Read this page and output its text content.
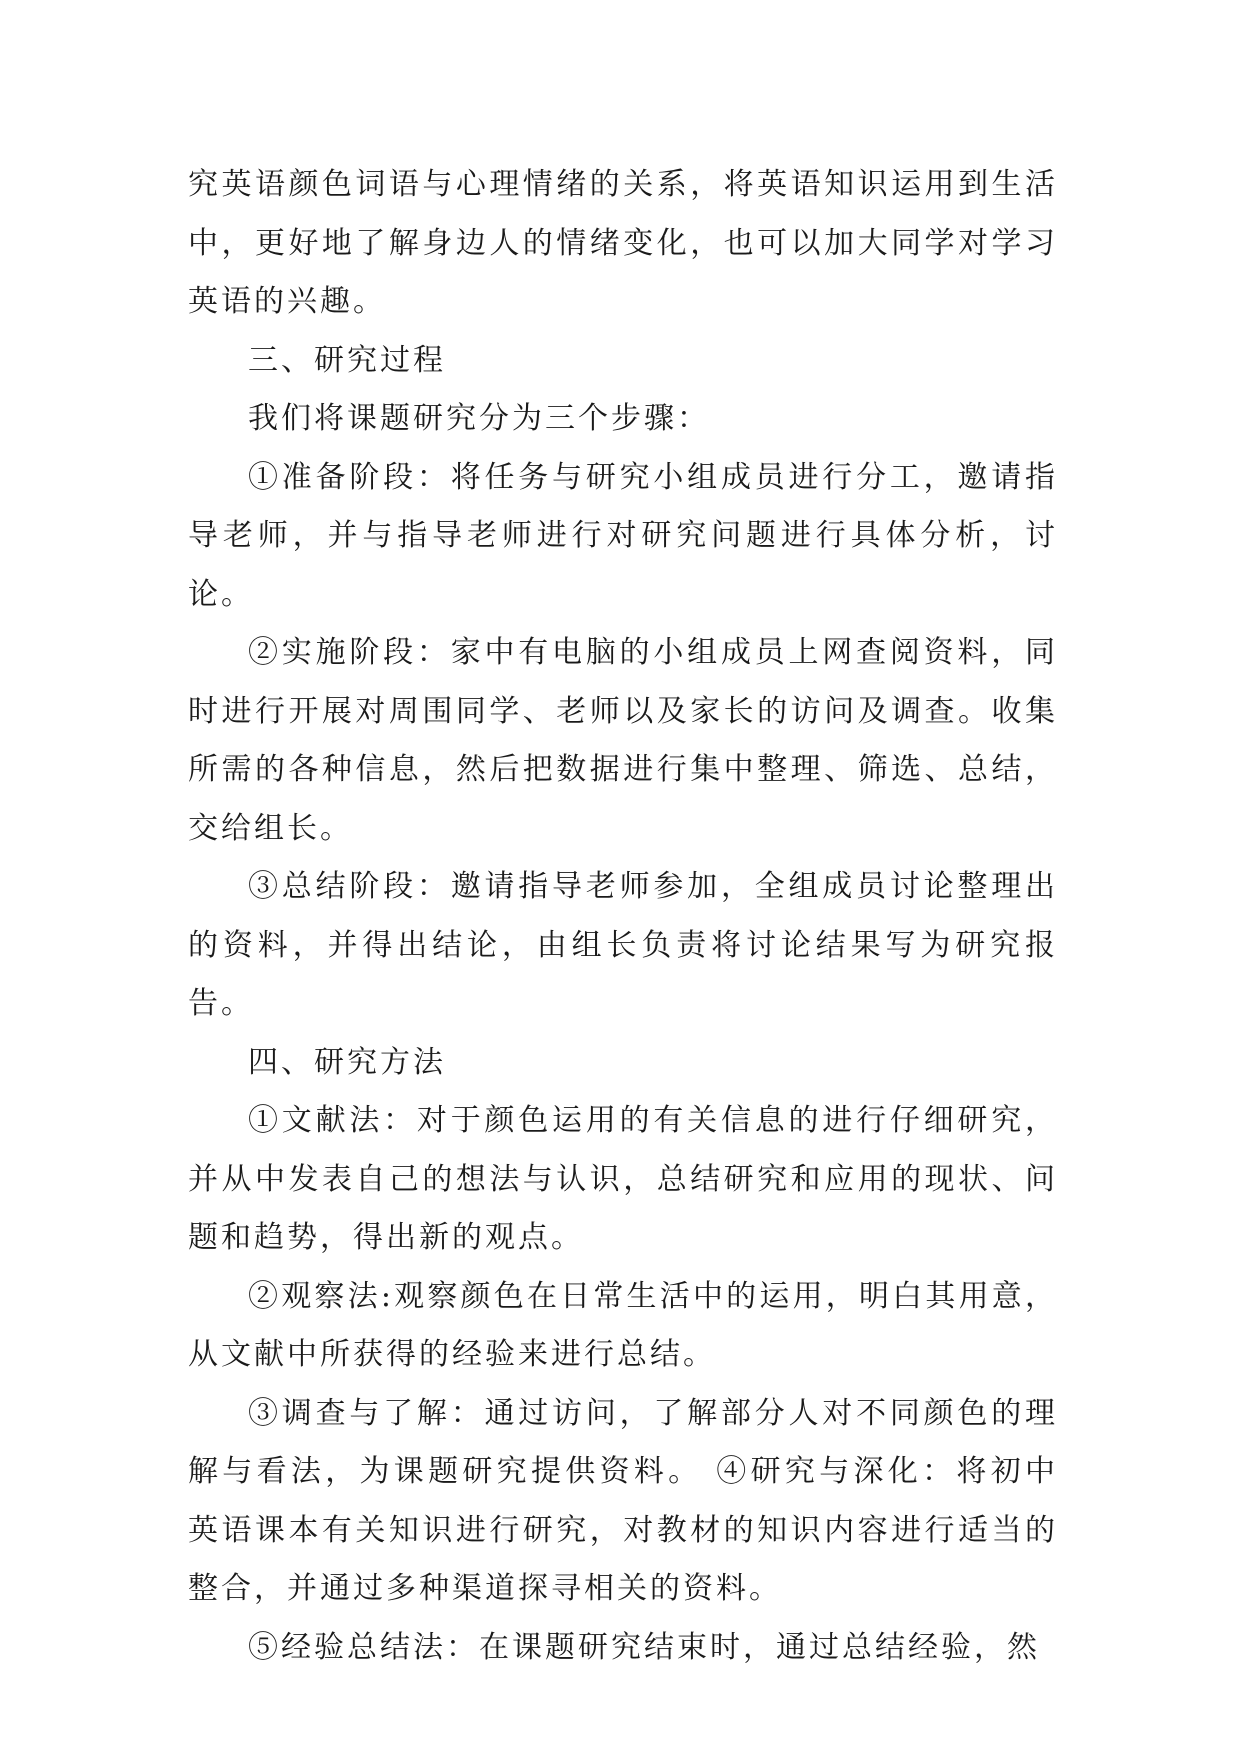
究英语颜色词语与心理情绪的关系，将英语知识运用到生活中，更好地了解身边人的情绪变化，也可以加大同学对学习英语的兴趣。

三、研究过程

我们将课题研究分为三个步骤：

①准备阶段：将任务与研究小组成员进行分工，邀请指导老师，并与指导老师进行对研究问题进行具体分析，讨论。

②实施阶段：家中有电脑的小组成员上网查阅资料，同时进行开展对周围同学、老师以及家长的访问及调查。收集所需的各种信息，然后把数据进行集中整理、筛选、总结，交给组长。

③总结阶段：邀请指导老师参加，全组成员讨论整理出的资料，并得出结论，由组长负责将讨论结果写为研究报告。

四、研究方法

①文献法：对于颜色运用的有关信息的进行仔细研究，并从中发表自己的想法与认识，总结研究和应用的现状、问题和趋势，得出新的观点。

②观察法:观察颜色在日常生活中的运用，明白其用意，从文献中所获得的经验来进行总结。

③调查与了解：通过访问，了解部分人对不同颜色的理解与看法，为课题研究提供资料。 ④研究与深化：将初中英语课本有关知识进行研究，对教材的知识内容进行适当的整合，并通过多种渠道探寻相关的资料。

⑤经验总结法：在课题研究结束时，通过总结经验，然
